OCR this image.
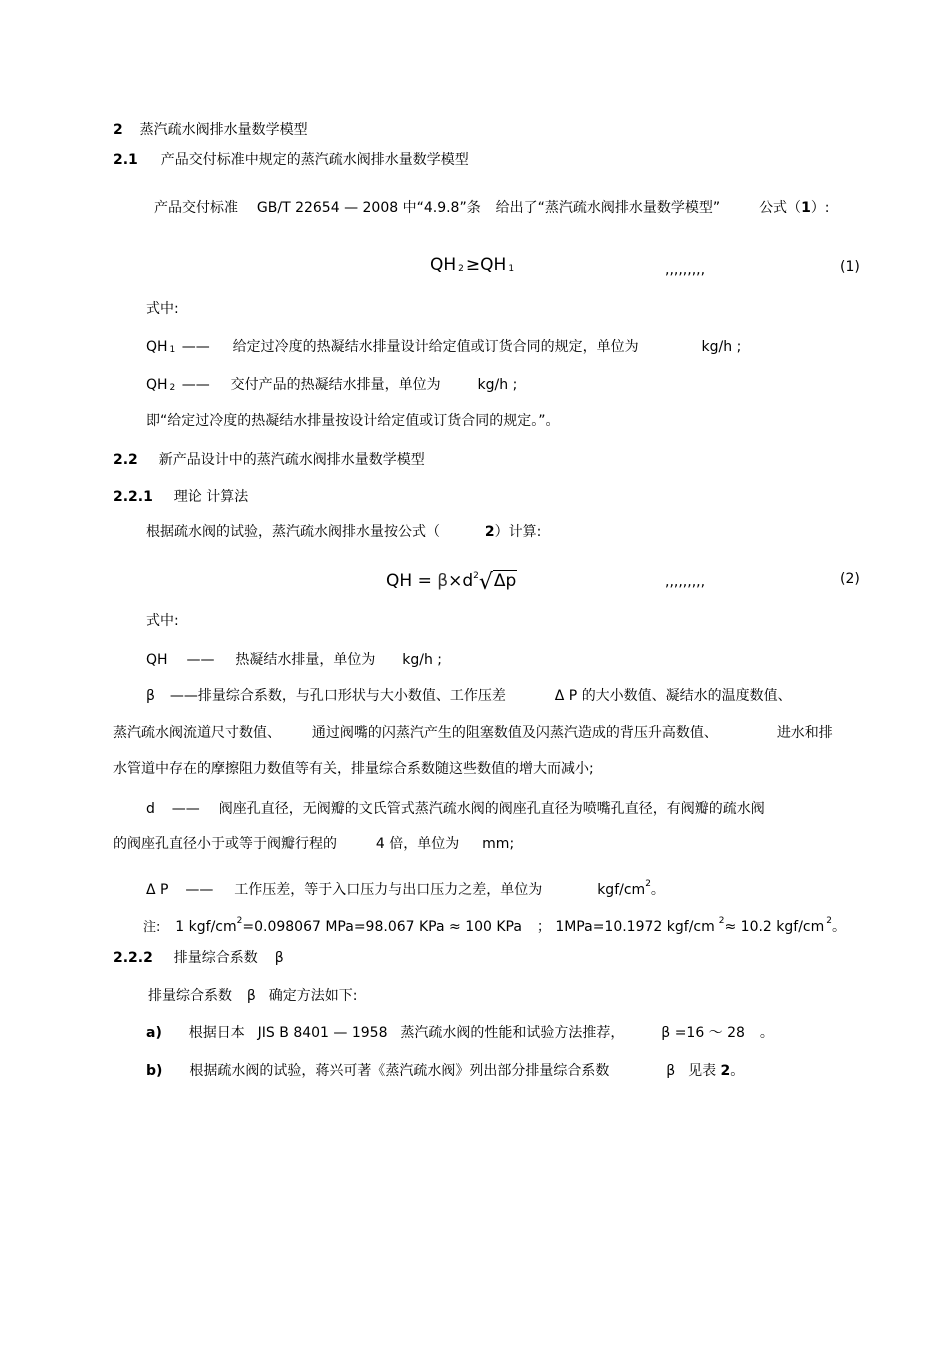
2 蒸汽疏水阀排水量数学模型
2.1 产品交付标准中规定的蒸汽疏水阀排水量数学模型
产品交付标准 GB/T 22654 — 2008 中“4.9.8”条 给出了“蒸汽疏水阀排水量数学模型”	公式（1）:
QH 2 ≥QH 1	,,,,,,,,,	(1)
式中:
QH 1 —— 给定过冷度的热凝结水排量设计给定值或订货合同的规定，单位为	kg/h ;
QH 2 —— 交付产品的热凝结水排量，单位为	kg/h ;
即“给定过冷度的热凝结水排量按设计给定值或订货合同的规定。”。
2.2 新产品设计中的蒸汽疏水阀排水量数学模型
2.2.1 理论 计算法
根据疏水阀的试验，蒸汽疏水阀排水量按公式（	2）计算:
QH = $\beta\times d^2√\Delta p$	,,,,,,,,,	(2)
式中:
QH —— 热凝结水排量，单位为 kg/h ;
β ——排量综合系数，与孔口形状与大小数值、工作压差	Δ P 的大小数值、凝结水的温度数值、
蒸汽疏水阀流道尺寸数值、 通过阀嘴的闪蒸汽产生的阻塞数值及闪蒸汽造成的背压升高数值、	进水和排
水管道中存在的摩擦阻力数值等有关，排量综合系数随这些数值的增大而减小;
d —— 阀座孔直径，无阀瓣的文氏管式蒸汽疏水阀的阀座孔直径为喷嘴孔直径，有阀瓣的疏水阀
的阀座孔直径小于或等于阀瓣行程的	4 倍，单位为 mm;
Δ P —— 工作压差，等于入口压力与出口压力之差，单位为	kgf/$cm^2$。
注: 1 kgf/$cm^2=0.098067$ MPa=98.067 KPa ≈ 100 KPa ； 1MPa=10.1972 kgf/cm $^2$≈ 10.2 kgf/cm $^2$。
2.2.2 排量综合系数 β
排量综合系数 β 确定方法如下:
a) 根据日本 JIS B 8401 — 1958 蒸汽疏水阀的性能和试验方法推荐，	β =16 ～ 28 。
b) 根据疏水阀的试验，蒋兴可著《蒸汽疏水阀》列出部分排量综合系数	β 见表 2。
